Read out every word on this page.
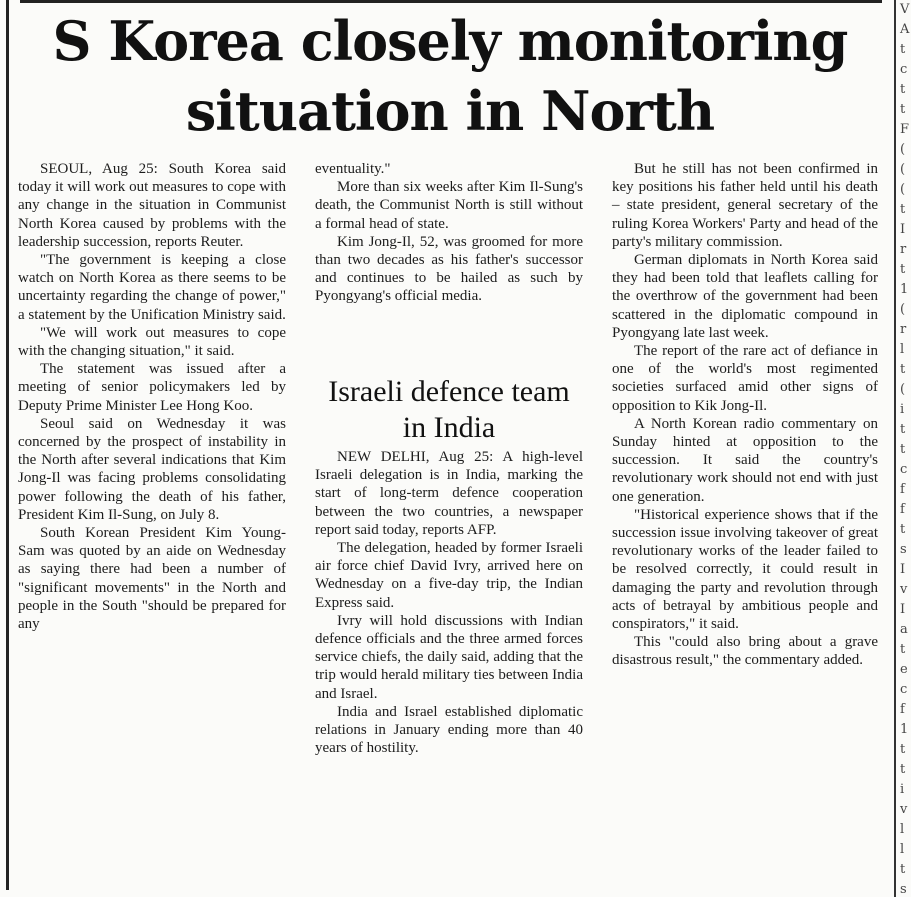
S Korea closely monitoring situation in North

SEOUL, Aug 25: South Korea said today it will work out measures to cope with any change in the situation in Communist North Korea caused by problems with the leadership succession, reports Reuter.

"The government is keeping a close watch on North Korea as there seems to be uncertainty regarding the change of power," a statement by the Unification Ministry said.

"We will work out measures to cope with the changing situation," it said.

The statement was issued after a meeting of senior policymakers led by Deputy Prime Minister Lee Hong Koo.

Seoul said on Wednesday it was concerned by the prospect of instability in the North after several indications that Kim Jong-Il was facing problems consolidating power following the death of his father, President Kim Il-Sung, on July 8.

South Korean President Kim Young-Sam was quoted by an aide on Wednesday as saying there had been a number of "significant movements" in the North and people in the South "should be prepared for any

eventuality."

More than six weeks after Kim Il-Sung's death, the Communist North is still without a formal head of state.

Kim Jong-Il, 52, was groomed for more than two decades as his father's successor and continues to be hailed as such by Pyongyang's official media.

Israeli defence team in India

NEW DELHI, Aug 25: A high-level Israeli delegation is in India, marking the start of long-term defence cooperation between the two countries, a newspaper report said today, reports AFP.

The delegation, headed by former Israeli air force chief David Ivry, arrived here on Wednesday on a five-day trip, the Indian Express said.

Ivry will hold discussions with Indian defence officials and the three armed forces service chiefs, the daily said, adding that the trip would herald military ties between India and Israel.

India and Israel established diplomatic relations in January ending more than 40 years of hostility.

But he still has not been confirmed in key positions his father held until his death – state president, general secretary of the ruling Korea Workers' Party and head of the party's military commission.

German diplomats in North Korea said they had been told that leaflets calling for the overthrow of the government had been scattered in the diplomatic compound in Pyongyang late last week.

The report of the rare act of defiance in one of the world's most regimented societies surfaced amid other signs of opposition to Kik Jong-Il.

A North Korean radio commentary on Sunday hinted at opposition to the succession. It said the country's revolutionary work should not end with just one generation.

"Historical experience shows that if the succession issue involving takeover of great revolutionary works of the leader failed to be resolved correctly, it could result in damaging the party and revolution through acts of betrayal by ambitious people and conspirators," it said.

This "could also bring about a grave disastrous result," the commentary added.

V
A
t
c
t
t
F
(
(
(
t
I
r
t
1
(
r
l
t
(
i
t
t
c
f
f
t
s
I
v
I
a
t
e
c
f
1
t
t
i
v
l
l
t
s
